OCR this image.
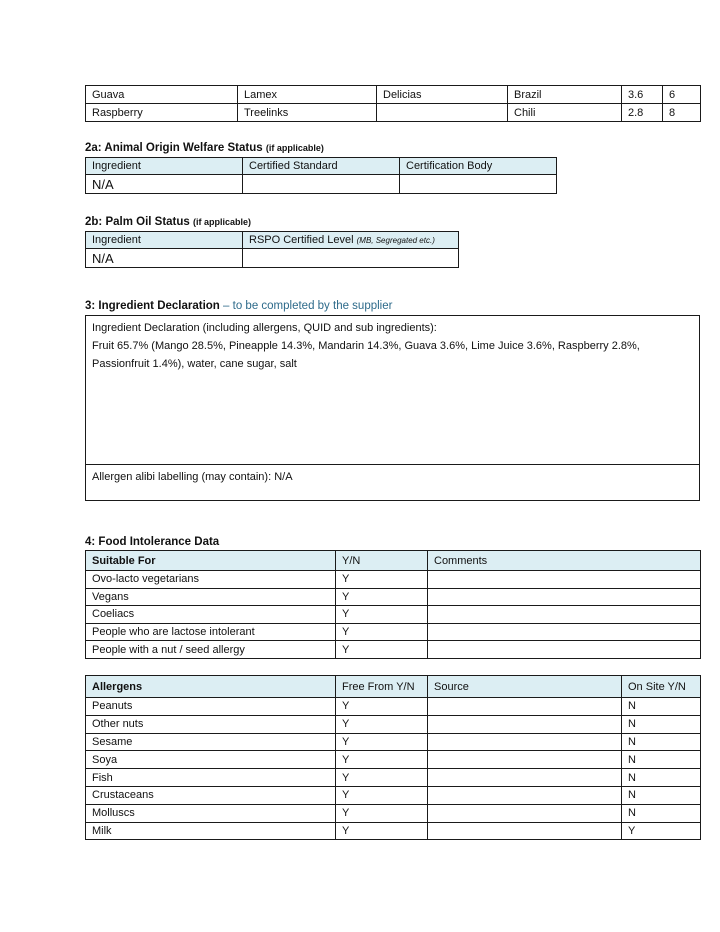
Guava	Lamex	Delicias	Brazil	3.6	6
Raspberry	Treelinks		Chili	2.8	8
2a: Animal Origin Welfare Status (if applicable)
Ingredient	Certified Standard	Certification Body
N/A		
2b: Palm Oil Status (if applicable)
Ingredient	RSPO Certified Level (MB, Segregated etc.)
N/A	
3: Ingredient Declaration – to be completed by the supplier
Ingredient Declaration (including allergens, QUID and sub ingredients):
Fruit 65.7% (Mango 28.5%, Pineapple 14.3%, Mandarin 14.3%, Guava 3.6%, Lime Juice 3.6%, Raspberry 2.8%, Passionfruit 1.4%), water, cane sugar, salt

Allergen alibi labelling (may contain): N/A
4: Food Intolerance Data
Suitable For	Y/N	Comments
Ovo-lacto vegetarians	Y	
Vegans	Y	
Coeliacs	Y	
People who are lactose intolerant	Y	
People with a nut / seed allergy	Y	
Allergens	Free From Y/N	Source	On Site Y/N
Peanuts	Y		N
Other nuts	Y		N
Sesame	Y		N
Soya	Y		N
Fish	Y		N
Crustaceans	Y		N
Molluscs	Y		N
Milk	Y		Y
